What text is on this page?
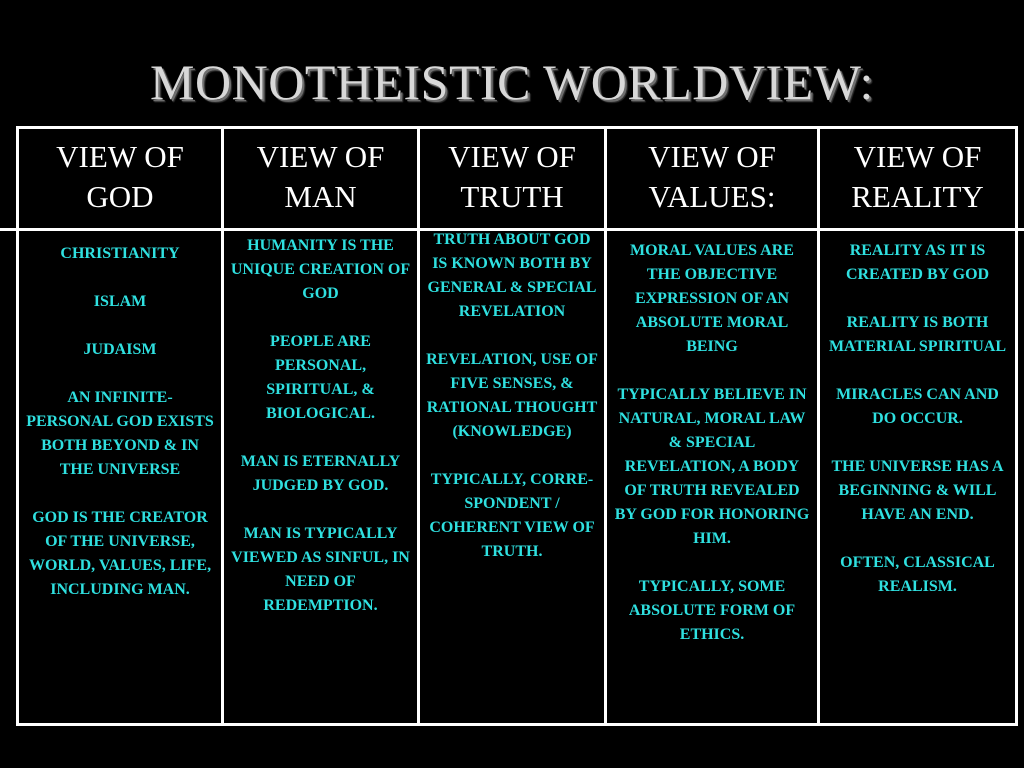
MONOTHEISTIC WORLDVIEW:
VIEW OF
GOD

CHRISTIANITY

ISLAM

JUDAISM

AN INFINITE-PERSONAL GOD EXISTS BOTH BEYOND & IN THE UNIVERSE

GOD IS THE CREATOR OF THE UNIVERSE, WORLD, VALUES, LIFE, INCLUDING MAN.

VIEW OF
MAN

HUMANITY IS THE UNIQUE CREATION OF GOD

PEOPLE ARE PERSONAL, SPIRITUAL, & BIOLOGICAL.

MAN IS ETERNALLY JUDGED BY GOD.

MAN IS TYPICALLY VIEWED AS SINFUL, IN NEED OF REDEMPTION.

VIEW OF
TRUTH

TRUTH ABOUT GOD IS KNOWN BOTH BY GENERAL & SPECIAL REVELATION

REVELATION, USE OF FIVE SENSES, & RATIONAL THOUGHT (KNOWLEDGE)

TYPICALLY, CORRE-SPONDENT / COHERENT VIEW OF TRUTH.

VIEW OF
VALUES:

MORAL VALUES ARE THE OBJECTIVE EXPRESSION OF AN ABSOLUTE MORAL BEING

TYPICALLY BELIEVE IN NATURAL, MORAL LAW & SPECIAL REVELATION, A BODY OF TRUTH REVEALED BY GOD FOR HONORING HIM.

TYPICALLY, SOME ABSOLUTE FORM OF ETHICS.

VIEW OF
REALITY

REALITY AS IT IS CREATED BY GOD

REALITY IS BOTH MATERIAL SPIRITUAL

MIRACLES CAN AND DO OCCUR.

THE UNIVERSE HAS A BEGINNING & WILL HAVE AN END.

OFTEN, CLASSICAL REALISM.
